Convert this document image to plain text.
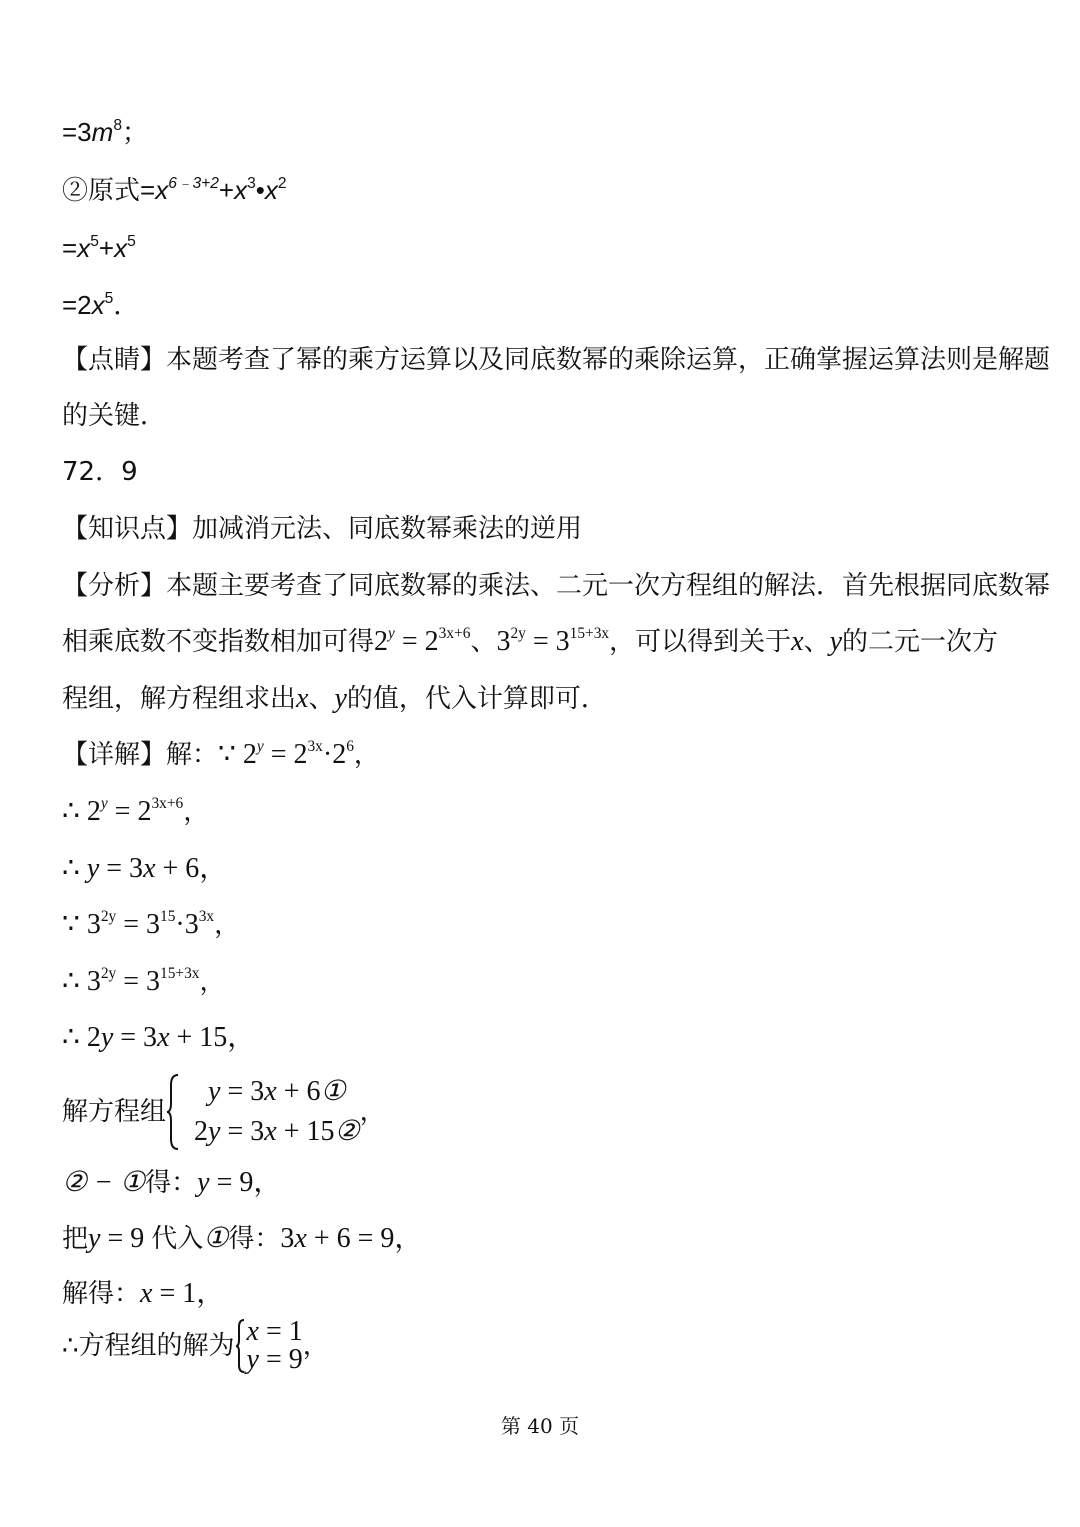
$=3m^8$；
②原式$=x^{6﹣3+2}+x^3•x^2$
$=x^5+x^5$
$=2x^5$．
【点睛】本题考查了幂的乘方运算以及同底数幂的乘除运算，正确掌握运算法则是解题
的关键．
72．9
【知识点】加减消元法、同底数幂乘法的逆用
【分析】本题主要考查了同底数幂的乘法、二元一次方程组的解法．首先根据同底数幂
相乘底数不变指数相加可得$2^y = 2^{3x+6}$、$3^{2y} = 3^{15+3x}$，可以得到关于x、y的二元一次方
程组，解方程组求出x、y的值，代入计算即可．
【详解】解：∵ $2^y = 2^{3x}\cdot 2^6$，
∴ $2^y = 2^{3x+6}$，
∴ y = 3x + 6，
∵ $3^{2y} = 3^{15}\cdot 3^{3x}$，
∴ $3^{2y} = 3^{15+3x}$，
∴ 2y = 3x + 15，
解方程组
y = 3x + 6①
2y = 3x + 15②
，
② − ①得：y = 9，
把y = 9 代入①得：3x + 6 = 9，
解得：x = 1，
∴方程组的解为 x = 1
y = 9 ，
第 40 页
